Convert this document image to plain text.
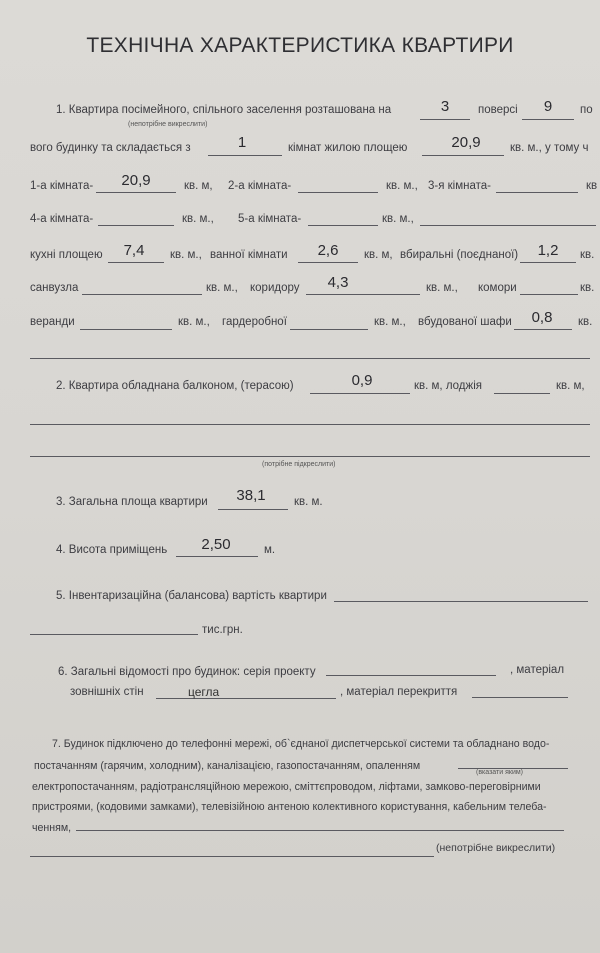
ТЕХНІЧНА ХАРАКТЕРИСТИКА КВАРТИРИ
1. Квартира посімейного, спільного заселення розташована на	3	поверсі	9	по
(непотрібне викреслити)
вого будинку та складається з	1	кімнат жилою площею	20,9	кв. м., у тому ч
1-а кімната-	20,9	кв. м, 2-а кімната-	кв. м., 3-я кімната-	кв
4-а кімната-	кв. м., 5-а кімната-	кв. м.,
кухні площею	7,4	кв. м., ванної кімнати	2,6	кв. м, вбиральні (поєднаної)	1,2	кв.
санвузла	кв. м., коридору	4,3	кв. м., комори	кв.
веранди	кв. м., гардеробної	кв. м., вбудованої шафи	0,8	кв.
2. Квартира обладнана балконом, (терасою)	0,9	кв. м, лоджія	кв. м,
(потрібне підкреслити)
3. Загальна площа квартири	38,1	кв. м.
4. Висота приміщень	2,50	м.
5. Інвентаризаційна (балансова) вартість квартири
тис.грн.
6. Загальні відомості про будинок: серія проекту	, матеріал
зовнішніх стін	цегла	, матеріал перекриття
7. Будинок підключено до телефонні мережі, об`єднаної диспетчерської системи та обладнано водо-
постачанням (гарячим, холодним), каналізацією, газопостачанням, опаленням
(вказати яким)
електропостачанням, радіотрансляційною мережою, сміттєпроводом, ліфтами, замково-переговірними
пристроями, (кодовими замками), телевізійною антеною колективного користування, кабельним телеба-
ченням,
(непотрібне викреслити)
